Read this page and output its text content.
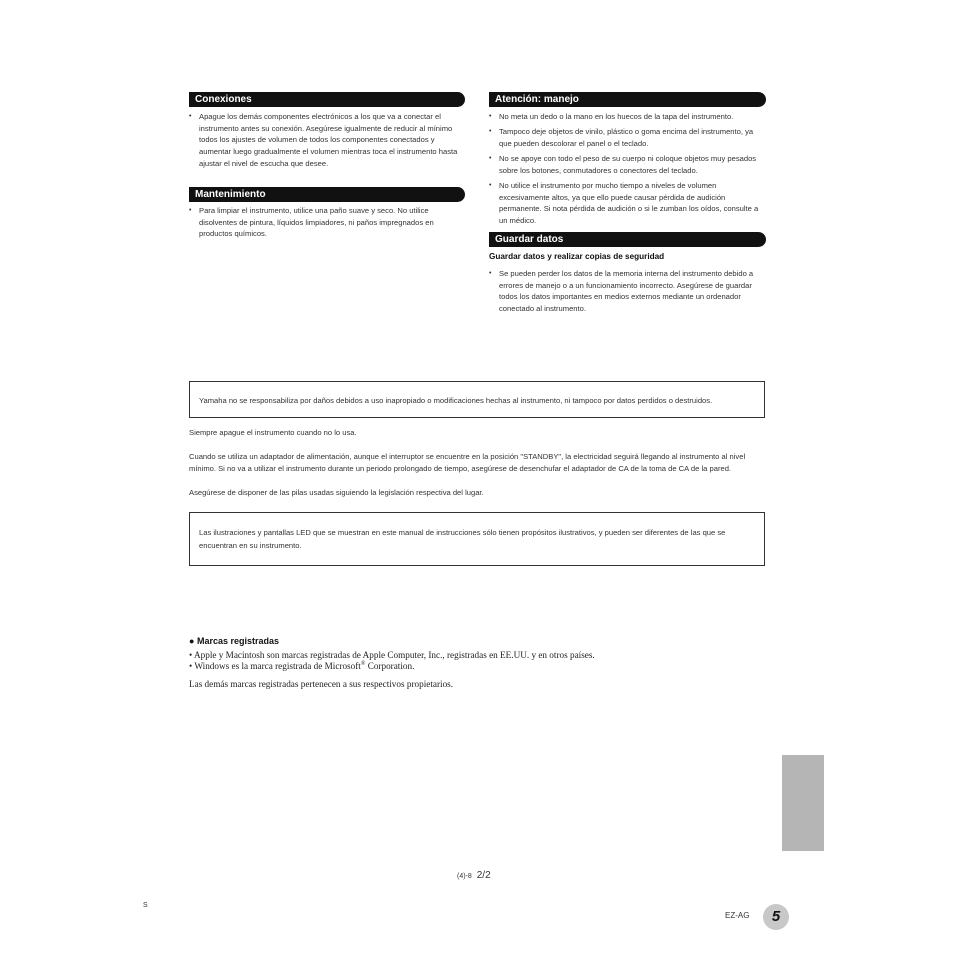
Conexiones
• Apague los demás componentes electrónicos a los que va a conectar el instrumento antes su conexión. Asegúrese igualmente de reducir al mínimo todos los ajustes de volumen de todos los componentes conectados y aumentar luego gradualmente el volumen mientras toca el instrumento hasta ajustar el nivel de escucha que desee.
Mantenimiento
• Para limpiar el instrumento, utilice una paño suave y seco. No utilice disolventes de pintura, líquidos limpiadores, ni paños impregnados en productos químicos.
Atención: manejo
• No meta un dedo o la mano en los huecos de la tapa del instrumento.
• Tampoco deje objetos de vinilo, plástico o goma encima del instrumento, ya que pueden descolorar el panel o el teclado.
• No se apoye con todo el peso de su cuerpo ni coloque objetos muy pesados sobre los botones, conmutadores o conectores del teclado.
• No utilice el instrumento por mucho tiempo a niveles de volumen excesivamente altos, ya que ello puede causar pérdida de audición permanente. Si nota pérdida de audición o si le zumban los oídos, consulte a un médico.
Guardar datos
Guardar datos y realizar copias de seguridad
• Se pueden perder los datos de la memoria interna del instrumento debido a errores de manejo o a un funcionamiento incorrecto. Asegúrese de guardar todos los datos importantes en medios externos mediante un ordenador conectado al instrumento.
Yamaha no se responsabiliza por daños debidos a uso inapropiado o modificaciones hechas al instrumento, ni tampoco por datos perdidos o destruidos.
Siempre apague el instrumento cuando no lo usa.
Cuando se utiliza un adaptador de alimentación, aunque el interruptor se encuentre en la posición "STANDBY", la electricidad seguirá llegando al instrumento al nivel mínimo. Si no va a utilizar el instrumento durante un periodo prolongado de tiempo, asegúrese de desenchufar el adaptador de CA de la toma de CA de la pared.
Asegúrese de disponer de las pilas usadas siguiendo la legislación respectiva del lugar.
Las ilustraciones y pantallas LED que se muestran en este manual de instrucciones sólo tienen propósitos ilustrativos, y pueden ser diferentes de las que se encuentran en su instrumento.
● Marcas registradas
• Apple y Macintosh son marcas registradas de Apple Computer, Inc., registradas en EE.UU. y en otros países.
• Windows es la marca registrada de Microsoft® Corporation.
Las demás marcas registradas pertenecen a sus respectivos propietarios.
(4)-8 2/2
S
EZ-AG	5
